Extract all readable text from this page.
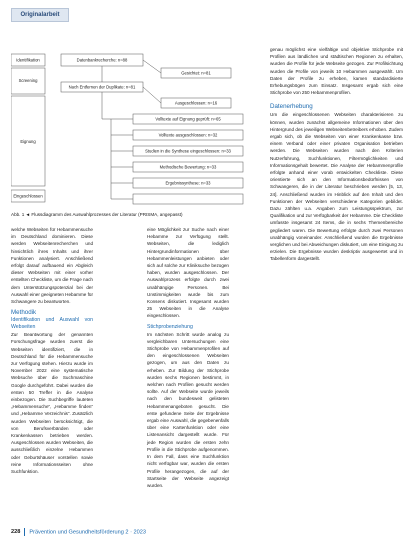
Originalarbeit
Identifikation	Datenbankrecherche: n=88
Screening
Nach Entfernen der Duplikate: n=81
Gesichtet: n=81
Ausgeschlossen: n=16
Eignung
Volltexte auf Eignung geprüft: n=65
Volltexte ausgeschlossen: n=32
Eingeschlossen
Studien in die Synthese eingeschlossen: n=33
Methodische Bewertung: n=33
Ergebnissynthese: n=33
Abb. 1 ◄ Flussdiagramm des Auswahlprozesses der Literatur (PRISMA, angepasst)

welche Webseiten für Hebammensuche im Deutschland dominieren. Diese werden Webseitenrecherchen und hinsichtlich ihres Inhalts und ihrer Funktionen analysiert. Anschließend erfolgt darauf aufbauend ein Abgleich dieser Webseiten mit einer vorher erstellten Checkliste, um die Frage nach dem Unterstützungspotenzial bei der Auswahl einer geeigneten Hebamme für Schwangere zu beantworten.

Methodik
Identifikation und Auswahl von Webseiten

Zur Beantwortung der genannten Forschungsfrage wurden zuerst die Webseiten identifiziert, die in Deutschland für die Hebammensuche zur Verfügung stehen. Hierzu wurde im November 2022 eine systematische Websuche über die Suchmaschine Google durchgeführt. Dabei wurden die ersten 50 Treffer in die Analyse einbezogen. Die Suchbegriffe lauteten „Hebammensuche“, „Hebamme finden“ und „Hebamme Verzeichnis“. Zusätzlich wurden Webseiten berücksichtigt, die von Berufsverbänden oder Krankenkassen betrieben werden. Ausgeschlossen wurden Webseiten, die ausschließlich einzelne Hebammen oder Geburtshäuser vorstellen sowie reine Informationsseiten ohne Suchfunktion.

eine Möglichkeit zur Suche nach einer Hebamme zur Verfügung stellt. Webseiten, die lediglich Hintergrundinformationen über Hebammenleistungen anbieten oder sich auf solche zur Kliniksuche bezogen haben, wurden ausgeschlossen. Der Auswahlprozess erfolgte durch zwei unabhängige Personen. Bei Unstimmigkeiten wurde bis zum Konsens diskutiert. Insgesamt wurden 25 Webseiten in die Analyse eingeschlossen.

Stichprobenziehung

Im nächsten Schritt wurde analog zu vergleichbaren Untersuchungen eine Stichprobe von Hebammenprofilen auf den eingeschlossenen Webseiten gezogen, um aus den Daten zu erheben. Zur Bildung der Stichprobe wurden sechs Regionen bestimmt, in welchen nach Profilen gesucht werden sollte. Auf der Webseite wurde jeweils nach den bundesweit gelisteten Hebammenangeboten gesucht. Die erste gefundene Seite der Ergebnisse ergab eine Auswahl, die gegebenenfalls über eine Kartenfunktion oder eine Listenansicht dargestellt wurde. Für jede Region wurden die ersten zehn Profile in die Stichprobe aufgenommen. In dem Fall, dass eine Suchfunktion nicht verfügbar war, wurden die ersten Profile herangezogen, die auf der Startseite der Webseite angezeigt wurden.

genau möglichst eine vielfältige und objektive Stichprobe mit Profilen aus ländlichen und städtischen Regionen zu erhalten, wurden die Profile für jede Webseite gezogen. Zur Profilsichtung wurden die Profile von jeweils 10 Hebammen ausgewählt. Um Daten der Profile zu erheben, kamen standardisierte Erhebungsbögen zum Einsatz. Insgesamt ergab sich eine Stichprobe von 250 Hebammenprofilen.

Datenerhebung

Um die eingeschlossenen Webseiten charakterisieren zu können, wurden zunächst allgemeine Informationen über den Hintergrund des jeweiligen Webseitenbetreibers erhoben. Zudem ergab sich, ob die Webseiten von einer Krankenkasse bzw. einem Verband oder einer privaten Organisation betrieben werden. Die Webseiten wurden nach den Kriterien Nutzerführung, Suchfunktionen, Filtermöglichkeiten und Informationsgehalt bewertet. Die Analyse der Hebammenprofile erfolgte anhand einer vorab entwickelten Checkliste. Diese orientierte sich an den Informationsbedürfnissen von Schwangeren, die in der Literatur beschrieben werden [5, 13, 24]. Anschließend wurden im Hinblick auf den Inhalt und den Funktionen der Webseiten verschiedene Kategorien gebildet. Dazu zählten u.a. Angaben zum Leistungsspektrum, zur Qualifikation und zur Verfügbarkeit der Hebamme. Die Checkliste umfasste insgesamt 24 Items, die in sechs Themenbereiche gegliedert waren. Die Bewertung erfolgte durch zwei Personen unabhängig voneinander. Anschließend wurden die Ergebnisse verglichen und bei Abweichungen diskutiert, um eine Einigung zu erzielen. Die Ergebnisse wurden deskriptiv ausgewertet und in Tabellenform dargestellt.

228 Prävention und Gesundheitsförderung 2 · 2023
